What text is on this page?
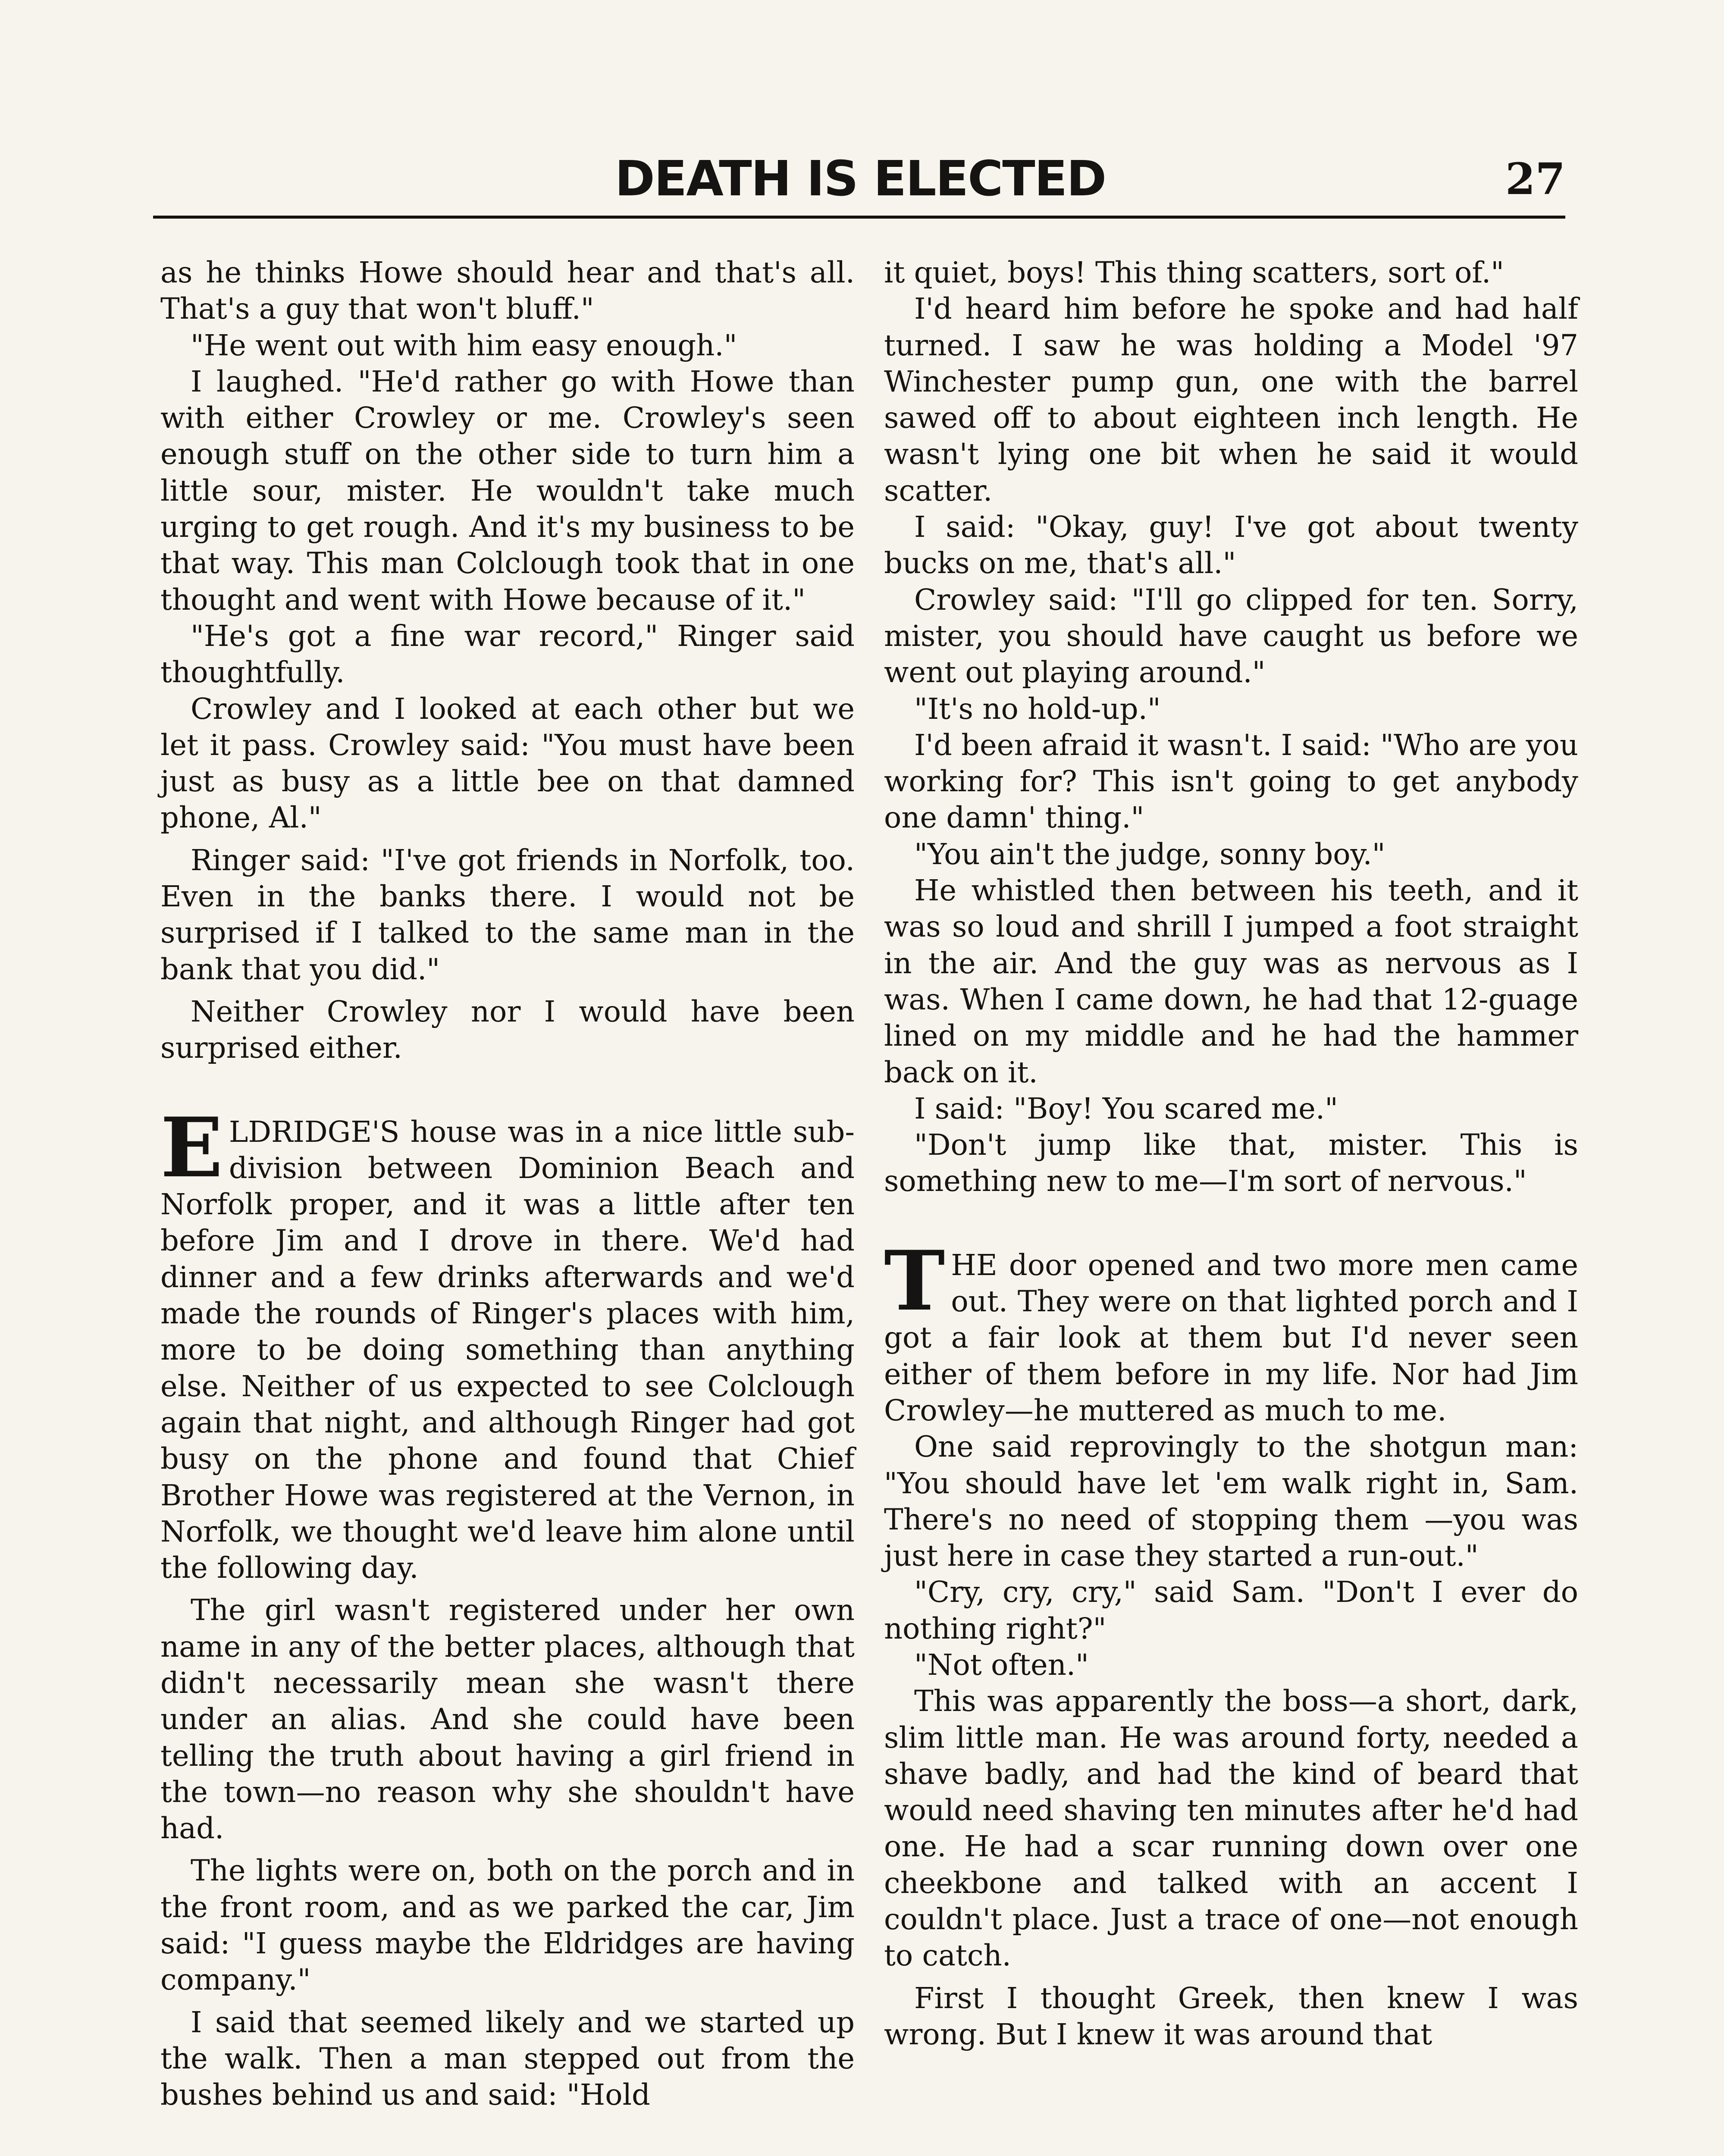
DEATH IS ELECTED	27

as he thinks Howe should hear and that's all. That's a guy that won't bluff."

"He went out with him easy enough."

I laughed. "He'd rather go with Howe than with either Crowley or me. Crowley's seen enough stuff on the other side to turn him a little sour, mister. He wouldn't take much urging to get rough. And it's my business to be that way. This man Colclough took that in one thought and went with Howe because of it."

"He's got a fine war record," Ringer said thoughtfully.

Crowley and I looked at each other but we let it pass. Crowley said: "You must have been just as busy as a little bee on that damned phone, Al."

Ringer said: "I've got friends in Norfolk, too. Even in the banks there. I would not be surprised if I talked to the same man in the bank that you did."

Neither Crowley nor I would have been surprised either.

ELDRIDGE'S house was in a nice little sub-division between Dominion Beach and Norfolk proper, and it was a little after ten before Jim and I drove in there. We'd had dinner and a few drinks afterwards and we'd made the rounds of Ringer's places with him, more to be doing something than anything else. Neither of us expected to see Colclough again that night, and although Ringer had got busy on the phone and found that Chief Brother Howe was registered at the Vernon, in Norfolk, we thought we'd leave him alone until the following day.

The girl wasn't registered under her own name in any of the better places, although that didn't necessarily mean she wasn't there under an alias. And she could have been telling the truth about having a girl friend in the town—no reason why she shouldn't have had.

The lights were on, both on the porch and in the front room, and as we parked the car, Jim said: "I guess maybe the Eldridges are having company."

I said that seemed likely and we started up the walk. Then a man stepped out from the bushes behind us and said: "Hold

it quiet, boys! This thing scatters, sort of."

I'd heard him before he spoke and had half turned. I saw he was holding a Model '97 Winchester pump gun, one with the barrel sawed off to about eighteen inch length. He wasn't lying one bit when he said it would scatter.

I said: "Okay, guy! I've got about twenty bucks on me, that's all."

Crowley said: "I'll go clipped for ten. Sorry, mister, you should have caught us before we went out playing around."

"It's no hold-up."

I'd been afraid it wasn't. I said: "Who are you working for? This isn't going to get anybody one damn' thing."

"You ain't the judge, sonny boy."

He whistled then between his teeth, and it was so loud and shrill I jumped a foot straight in the air. And the guy was as nervous as I was. When I came down, he had that 12-guage lined on my middle and he had the hammer back on it.

I said: "Boy! You scared me."

"Don't jump like that, mister. This is something new to me—I'm sort of nervous."

THE door opened and two more men came out. They were on that lighted porch and I got a fair look at them but I'd never seen either of them before in my life. Nor had Jim Crowley—he muttered as much to me.

One said reprovingly to the shotgun man: "You should have let 'em walk right in, Sam. There's no need of stopping them —you was just here in case they started a run-out."

"Cry, cry, cry," said Sam. "Don't I ever do nothing right?"

"Not often."

This was apparently the boss—a short, dark, slim little man. He was around forty, needed a shave badly, and had the kind of beard that would need shaving ten minutes after he'd had one. He had a scar running down over one cheekbone and talked with an accent I couldn't place. Just a trace of one—not enough to catch.

First I thought Greek, then knew I was wrong. But I knew it was around that
